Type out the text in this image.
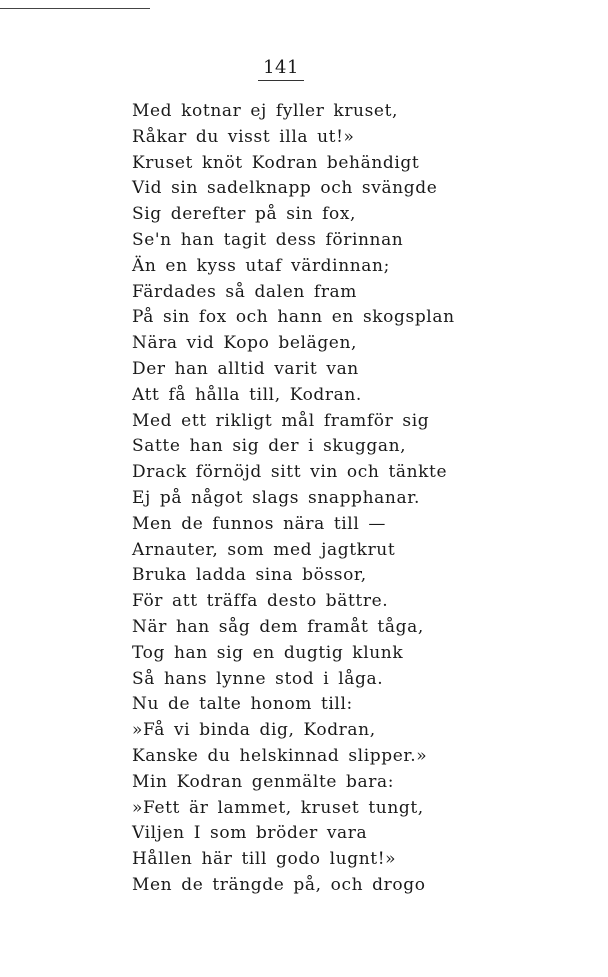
141
Med kotnar ej fyller kruset,
Råkar du visst illa ut!»
Kruset knöt Kodran behändigt
Vid sin sadelknapp och svängde
Sig derefter på sin fox,
Se'n han tagit dess förinnan
Än en kyss utaf värdinnan;
Färdades så dalen fram
På sin fox och hann en skogsplan
Nära vid Kopo belägen,
Der han alltid varit van
Att få hålla till, Kodran.
Med ett rikligt mål framför sig
Satte han sig der i skuggan,
Drack förnöjd sitt vin och tänkte
Ej på något slags snapphanar.
Men de funnos nära till —
Arnauter, som med jagtkrut
Bruka ladda sina bössor,
För att träffa desto bättre.
När han såg dem framåt tåga,
Tog han sig en dugtig klunk
Så hans lynne stod i låga.
Nu de talte honom till:
»Få vi binda dig, Kodran,
Kanske du helskinnad slipper.»
Min Kodran genmälte bara:
»Fett är lammet, kruset tungt,
Viljen I som bröder vara
Hållen här till godo lugnt!»
Men de trängde på, och drogo
